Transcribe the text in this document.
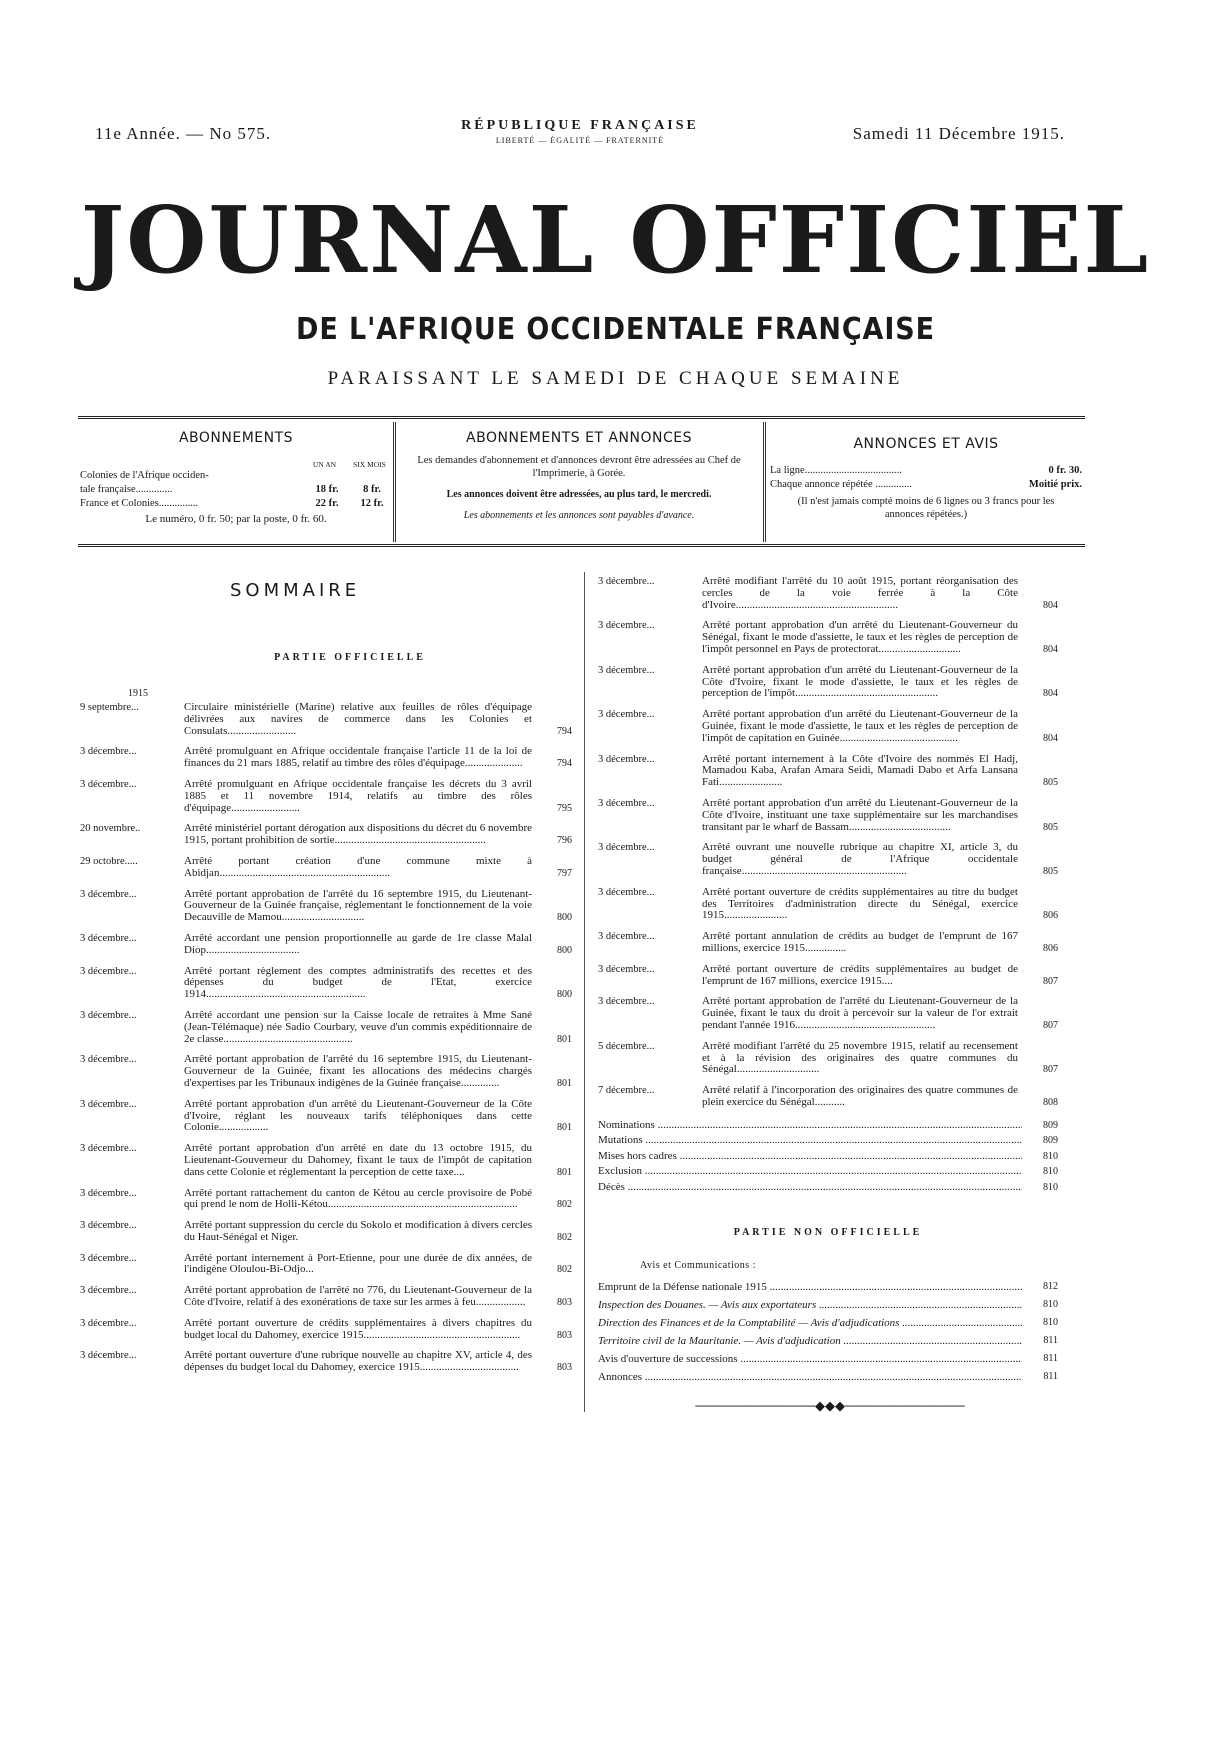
11e Année. — No 575.	RÉPUBLIQUE FRANÇAISE
LIBERTÉ — ÉGALITÉ — FRATERNITÉ	Samedi 11 Décembre 1915.
JOURNAL OFFICIEL
DE L'AFRIQUE OCCIDENTALE FRANÇAISE
PARAISSANT LE SAMEDI DE CHAQUE SEMAINE
ABONNEMENTS
UN AN	SIX MOIS
Colonies de l'Afrique occiden-
tale française..............	18 fr.	8 fr.
France et Colonies...............	22 fr.	12 fr.
Le numéro, 0 fr. 50; par la poste, 0 fr. 60.
ABONNEMENTS ET ANNONCES
Les demandes d'abonnement et d'annonces devront être adressées au Chef de l'Imprimerie, à Gorée.
Les annonces doivent être adressées, au plus tard, le mercredi.
Les abonnements et les annonces sont payables d'avance.
ANNONCES ET AVIS
La ligne.....................................	0 fr. 30.
Chaque annonce répétée ..............	Moitié prix.
(Il n'est jamais compté moins de 6 lignes ou 3 francs pour les annonces répétées.)
SOMMAIRE
PARTIE OFFICIELLE
1915
9 septembre...	Circulaire ministérielle (Marine) relative aux feuilles de rôles d'équipage délivrées aux navires de commerce dans les Colonies et Consulats.........................	794
3 décembre...	Arrêté promulguant en Afrique occidentale française l'article 11 de la loi de finances du 21 mars 1885, relatif au timbre des rôles d'équipage.....................	794
3 décembre...	Arrêté promulguant en Afrique occidentale française les décrets du 3 avril 1885 et 11 novembre 1914, relatifs au timbre des rôles d'équipage.........................	795
20 novembre..	Arrêté ministériel portant dérogation aux dispositions du décret du 6 novembre 1915, portant prohibition de sortie.......................................................	796
29 octobre.....	Arrêté portant création d'une commune mixte à Abidjan..............................................................	797
3 décembre...	Arrêté portant approbation de l'arrêté du 16 septembre 1915, du Lieutenant-Gouverneur de la Guinée française, réglementant le fonctionnement de la voie Decauville de Mamou..............................	800
3 décembre...	Arrêté accordant une pension proportionnelle au garde de 1re classe Malal Diop..................................	800
3 décembre...	Arrêté portant règlement des comptes administratifs des recettes et des dépenses du budget de l'Etat, exercice 1914..........................................................	800
3 décembre...	Arrêté accordant une pension sur la Caisse locale de retraites à Mme Sané (Jean-Télémaque) née Sadio Courbary, veuve d'un commis expéditionnaire de 2e classe...............................................	801
3 décembre...	Arrêté portant approbation de l'arrêté du 16 septembre 1915, du Lieutenant-Gouverneur de la Guinée, fixant les allocations des médecins chargés d'expertises par les Tribunaux indigènes de la Guinée française..............	801
3 décembre...	Arrêté portant approbation d'un arrêté du Lieutenant-Gouverneur de la Côte d'Ivoire, réglant les nouveaux tarifs téléphoniques dans cette Colonie..................	801
3 décembre...	Arrêté portant approbation d'un arrêté en date du 13 octobre 1915, du Lieutenant-Gouverneur du Dahomey, fixant le taux de l'impôt de capitation dans cette Colonie et réglementant la perception de cette taxe....	801
3 décembre...	Arrêté portant rattachement du canton de Kétou au cercle provisoire de Pobé qui prend le nom de Holli-Kétou.....................................................................	802
3 décembre...	Arrêté portant suppression du cercle du Sokolo et modification à divers cercles du Haut-Sénégal et Niger.	802
3 décembre...	Arrêté portant internement à Port-Etienne, pour une durée de dix années, de l'indigène Oloulou-Bi-Odjo...	802
3 décembre...	Arrêté portant approbation de l'arrêté no 776, du Lieutenant-Gouverneur de la Côte d'Ivoire, relatif à des exonérations de taxe sur les armes à feu..................	803
3 décembre...	Arrêté portant ouverture de crédits supplémentaires à divers chapitres du budget local du Dahomey, exercice 1915.........................................................	803
3 décembre...	Arrêté portant ouverture d'une rubrique nouvelle au chapitre XV, article 4, des dépenses du budget local du Dahomey, exercice 1915....................................	803
3 décembre...	Arrêté modifiant l'arrêté du 10 août 1915, portant réorganisation des cercles de la voie ferrée à la Côte d'Ivoire...........................................................	804
3 décembre...	Arrêté portant approbation d'un arrêté du Lieutenant-Gouverneur du Sénégal, fixant le mode d'assiette, le taux et les règles de perception de l'impôt personnel en Pays de protectorat..............................	804
3 décembre...	Arrêté portant approbation d'un arrêté du Lieutenant-Gouverneur de la Côte d'Ivoire, fixant le mode d'assiette, le taux et les règles de perception de l'impôt....................................................	804
3 décembre...	Arrêté portant approbation d'un arrêté du Lieutenant-Gouverneur de la Guinée, fixant le mode d'assiette, le taux et les règles de perception de l'impôt de capitation en Guinée...........................................	804
3 décembre...	Arrêté portant internement à la Côte d'Ivoire des nommés El Hadj, Mamadou Kaba, Arafan Amara Seidi, Mamadi Dabo et Arfa Lansana Fati.......................	805
3 décembre...	Arrêté portant approbation d'un arrêté du Lieutenant-Gouverneur de la Côte d'Ivoire, instituant une taxe supplémentaire sur les marchandises transitant par le wharf de Bassam.....................................	805
3 décembre...	Arrêté ouvrant une nouvelle rubrique au chapitre XI, article 3, du budget général de l'Afrique occidentale française............................................................	805
3 décembre...	Arrêté portant ouverture de crédits supplémentaires au titre du budget des Territoires d'administration directe du Sénégal, exercice 1915.......................	806
3 décembre...	Arrêté portant annulation de crédits au budget de l'emprunt de 167 millions, exercice 1915...............	806
3 décembre...	Arrêté portant ouverture de crédits supplémentaires au budget de l'emprunt de 167 millions, exercice 1915....	807
3 décembre...	Arrêté portant approbation de l'arrêté du Lieutenant-Gouverneur de la Guinée, fixant le taux du droit à percevoir sur la valeur de l'or extrait pendant l'année 1916...................................................	807
5 décembre...	Arrêté modifiant l'arrêté du 25 novembre 1915, relatif au recensement et à la révision des originaires des quatre communes du Sénégal..............................	807
7 décembre...	Arrêté relatif à l'incorporation des originaires des quatre communes de plein exercice du Sénégal...........	808
Nominations .....	809
Mutations .....	809
Mises hors cadres .....	810
Exclusion .....	810
Décès .....	810
PARTIE NON OFFICIELLE
Avis et Communications :
Emprunt de la Défense nationale 1915 .....	812
Inspection des Douanes. — Avis aux exportateurs .....	810
Direction des Finances et de la Comptabilité — Avis d'adjudications .....	810
Territoire civil de la Mauritanie. — Avis d'adjudication .....	811
Avis d'ouverture de successions .....	811
Annonces .....	811
─────────────◆◆◆─────────────
